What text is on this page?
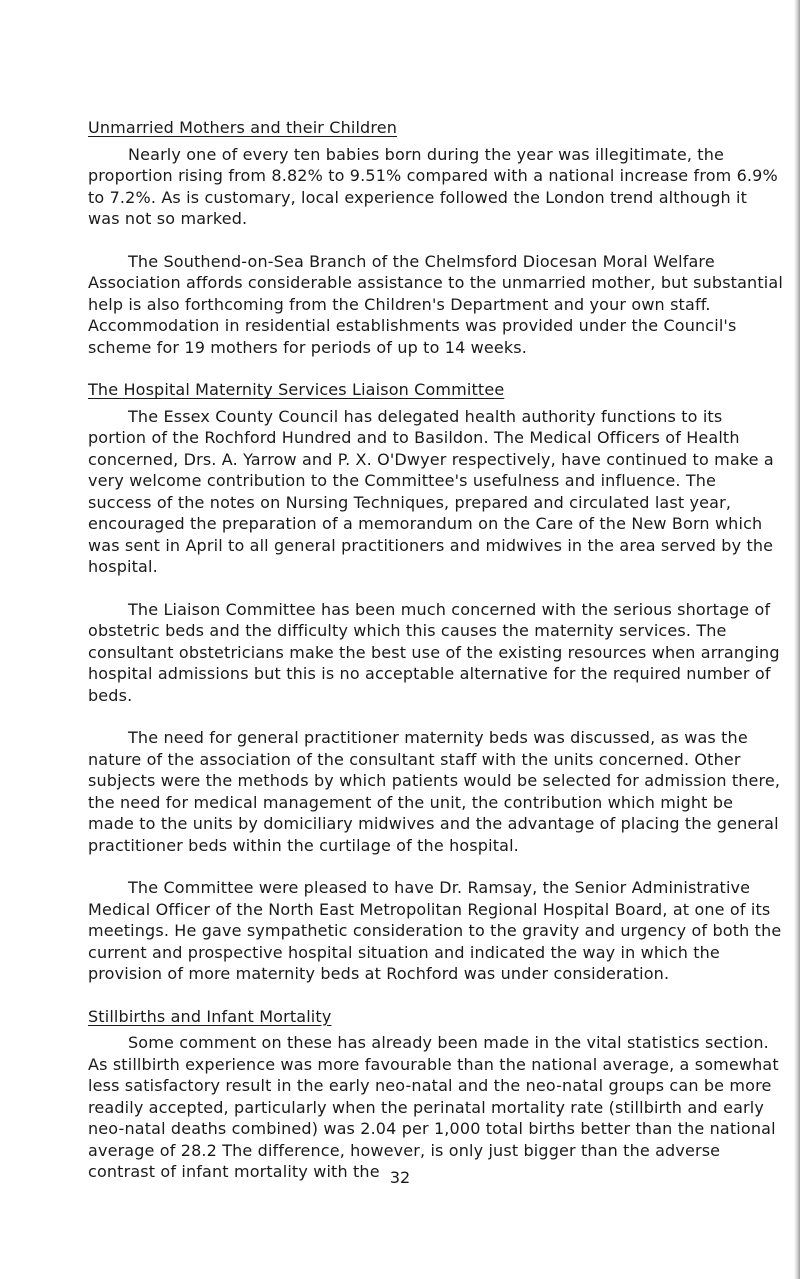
Unmarried Mothers and their Children

Nearly one of every ten babies born during the year was illegitimate, the proportion rising from 8.82% to 9.51% compared with a national increase from 6.9% to 7.2%. As is customary, local experience followed the London trend although it was not so marked.

The Southend-on-Sea Branch of the Chelmsford Diocesan Moral Welfare Association affords considerable assistance to the unmarried mother, but substantial help is also forthcoming from the Children's Department and your own staff. Accommodation in residential establishments was provided under the Council's scheme for 19 mothers for periods of up to 14 weeks.

The Hospital Maternity Services Liaison Committee

The Essex County Council has delegated health authority functions to its portion of the Rochford Hundred and to Basildon. The Medical Officers of Health concerned, Drs. A. Yarrow and P. X. O'Dwyer respectively, have continued to make a very welcome contribution to the Committee's usefulness and influence. The success of the notes on Nursing Techniques, prepared and circulated last year, encouraged the preparation of a memorandum on the Care of the New Born which was sent in April to all general practitioners and midwives in the area served by the hospital.

The Liaison Committee has been much concerned with the serious shortage of obstetric beds and the difficulty which this causes the maternity services. The consultant obstetricians make the best use of the existing resources when arranging hospital admissions but this is no acceptable alternative for the required number of beds.

The need for general practitioner maternity beds was discussed, as was the nature of the association of the consultant staff with the units concerned. Other subjects were the methods by which patients would be selected for admission there, the need for medical management of the unit, the contribution which might be made to the units by domiciliary midwives and the advantage of placing the general practitioner beds within the curtilage of the hospital.

The Committee were pleased to have Dr. Ramsay, the Senior Administrative Medical Officer of the North East Metropolitan Regional Hospital Board, at one of its meetings. He gave sympathetic consideration to the gravity and urgency of both the current and prospective hospital situation and indicated the way in which the provision of more maternity beds at Rochford was under consideration.

Stillbirths and Infant Mortality

Some comment on these has already been made in the vital statistics section. As stillbirth experience was more favourable than the national average, a somewhat less satisfactory result in the early neo-natal and the neo-natal groups can be more readily accepted, particularly when the perinatal mortality rate (stillbirth and early neo-natal deaths combined) was 2.04 per 1,000 total births better than the national average of 28.2 The difference, however, is only just bigger than the adverse contrast of infant mortality with the 32
